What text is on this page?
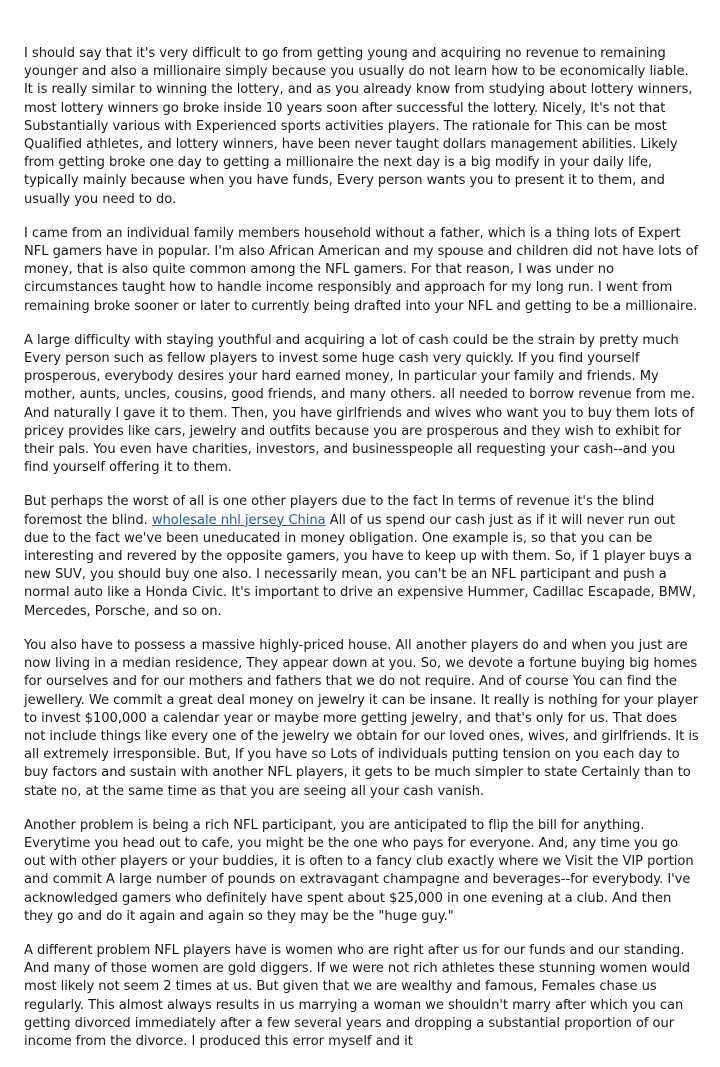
I should say that it's very difficult to go from getting young and acquiring no revenue to remaining younger and also a millionaire simply because you usually do not learn how to be economically liable. It is really similar to winning the lottery, and as you already know from studying about lottery winners, most lottery winners go broke inside 10 years soon after successful the lottery. Nicely, It's not that Substantially various with Experienced sports activities players. The rationale for This can be most Qualified athletes, and lottery winners, have been never taught dollars management abilities. Likely from getting broke one day to getting a millionaire the next day is a big modify in your daily life, typically mainly because when you have funds, Every person wants you to present it to them, and usually you need to do.

I came from an individual family members household without a father, which is a thing lots of Expert NFL gamers have in popular. I'm also African American and my spouse and children did not have lots of money, that is also quite common among the NFL gamers. For that reason, I was under no circumstances taught how to handle income responsibly and approach for my long run. I went from remaining broke sooner or later to currently being drafted into your NFL and getting to be a millionaire.

A large difficulty with staying youthful and acquiring a lot of cash could be the strain by pretty much Every person such as fellow players to invest some huge cash very quickly. If you find yourself prosperous, everybody desires your hard earned money, In particular your family and friends. My mother, aunts, uncles, cousins, good friends, and many others. all needed to borrow revenue from me. And naturally I gave it to them. Then, you have girlfriends and wives who want you to buy them lots of pricey provides like cars, jewelry and outfits because you are prosperous and they wish to exhibit for their pals. You even have charities, investors, and businesspeople all requesting your cash--and you find yourself offering it to them.

But perhaps the worst of all is one other players due to the fact In terms of revenue it's the blind foremost the blind. wholesale nhl jersey China All of us spend our cash just as if it will never run out due to the fact we've been uneducated in money obligation. One example is, so that you can be interesting and revered by the opposite gamers, you have to keep up with them. So, if 1 player buys a new SUV, you should buy one also. I necessarily mean, you can't be an NFL participant and push a normal auto like a Honda Civic. It's important to drive an expensive Hummer, Cadillac Escapade, BMW, Mercedes, Porsche, and so on.

You also have to possess a massive highly-priced house. All another players do and when you just are now living in a median residence, They appear down at you. So, we devote a fortune buying big homes for ourselves and for our mothers and fathers that we do not require. And of course You can find the jewellery. We commit a great deal money on jewelry it can be insane. It really is nothing for your player to invest $100,000 a calendar year or maybe more getting jewelry, and that's only for us. That does not include things like every one of the jewelry we obtain for our loved ones, wives, and girlfriends. It is all extremely irresponsible. But, If you have so Lots of individuals putting tension on you each day to buy factors and sustain with another NFL players, it gets to be much simpler to state Certainly than to state no, at the same time as that you are seeing all your cash vanish.

Another problem is being a rich NFL participant, you are anticipated to flip the bill for anything. Everytime you head out to cafe, you might be the one who pays for everyone. And, any time you go out with other players or your buddies, it is often to a fancy club exactly where we Visit the VIP portion and commit A large number of pounds on extravagant champagne and beverages--for everybody. I've acknowledged gamers who definitely have spent about $25,000 in one evening at a club. And then they go and do it again and again so they may be the "huge guy."

A different problem NFL players have is women who are right after us for our funds and our standing. And many of those women are gold diggers. If we were not rich athletes these stunning women would most likely not seem 2 times at us. But given that we are wealthy and famous, Females chase us regularly. This almost always results in us marrying a woman we shouldn't marry after which you can getting divorced immediately after a few several years and dropping a substantial proportion of our income from the divorce. I produced this error myself and it
